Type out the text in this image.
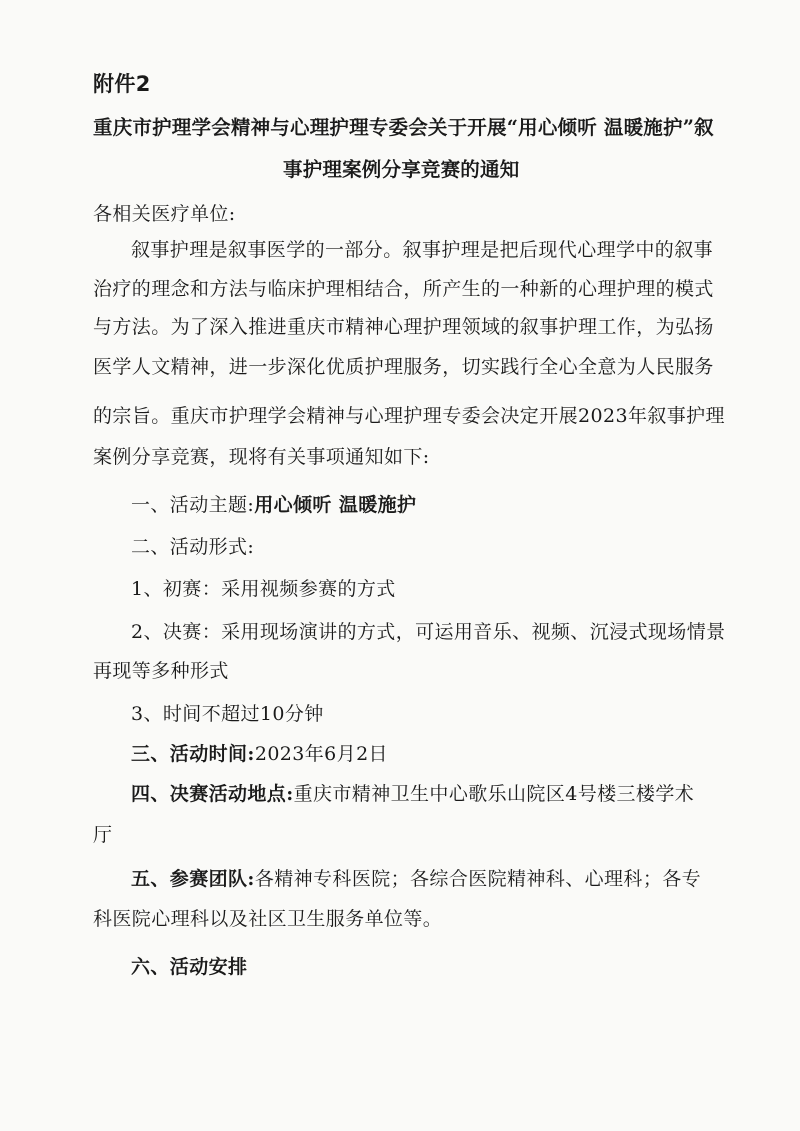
附件2
重庆市护理学会精神与心理护理专委会关于开展“用心倾听 温暖施护”叙
事护理案例分享竞赛的通知
各相关医疗单位:
叙事护理是叙事医学的一部分。叙事护理是把后现代心理学中的叙事
治疗的理念和方法与临床护理相结合，所产生的一种新的心理护理的模式
与方法。为了深入推进重庆市精神心理护理领域的叙事护理工作，为弘扬
医学人文精神，进一步深化优质护理服务，切实践行全心全意为人民服务
的宗旨。重庆市护理学会精神与心理护理专委会决定开展2023年叙事护理
案例分享竞赛，现将有关事项通知如下:
一、活动主题:用心倾听 温暖施护
二、活动形式:
1、初赛：采用视频参赛的方式
2、决赛：采用现场演讲的方式，可运用音乐、视频、沉浸式现场情景
再现等多种形式
3、时间不超过10分钟
三、活动时间:2023年6月2日
四、决赛活动地点:重庆市精神卫生中心歌乐山院区4号楼三楼学术
厅
五、参赛团队:各精神专科医院；各综合医院精神科、心理科；各专
科医院心理科以及社区卫生服务单位等。
六、活动安排
